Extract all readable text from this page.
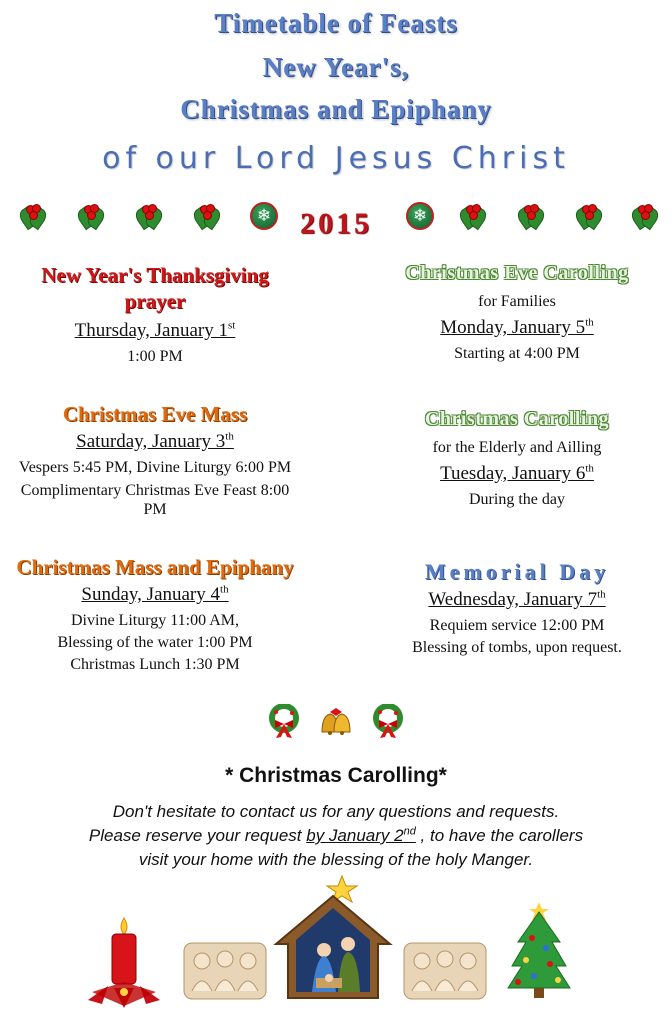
Timetable of Feasts
New Year's,
Christmas and Epiphany
of our Lord Jesus Christ
❄	❄
2015
New Year's Thanksgiving
prayer
Thursday, January 1st
1:00 PM
Christmas Eve Mass
Saturday, January 3th
Vespers 5:45 PM, Divine Liturgy 6:00 PM
Complimentary Christmas Eve Feast 8:00
PM
Christmas Mass and Epiphany
Sunday, January 4th
Divine Liturgy 11:00 AM,
Blessing of the water 1:00 PM
Christmas Lunch 1:30 PM
Christmas Eve Carolling
for Families
Monday, January 5th
Starting at 4:00 PM
Christmas Carolling
for the Elderly and Ailling
Tuesday, January 6th
During the day
Memorial Day
Wednesday, January 7th
Requiem service 12:00 PM
Blessing of tombs, upon request.
* Christmas Carolling*
Don't hesitate to contact us for any questions and requests.
Please reserve your request by January 2nd , to have the carollers
visit your home with the blessing of the holy Manger.
